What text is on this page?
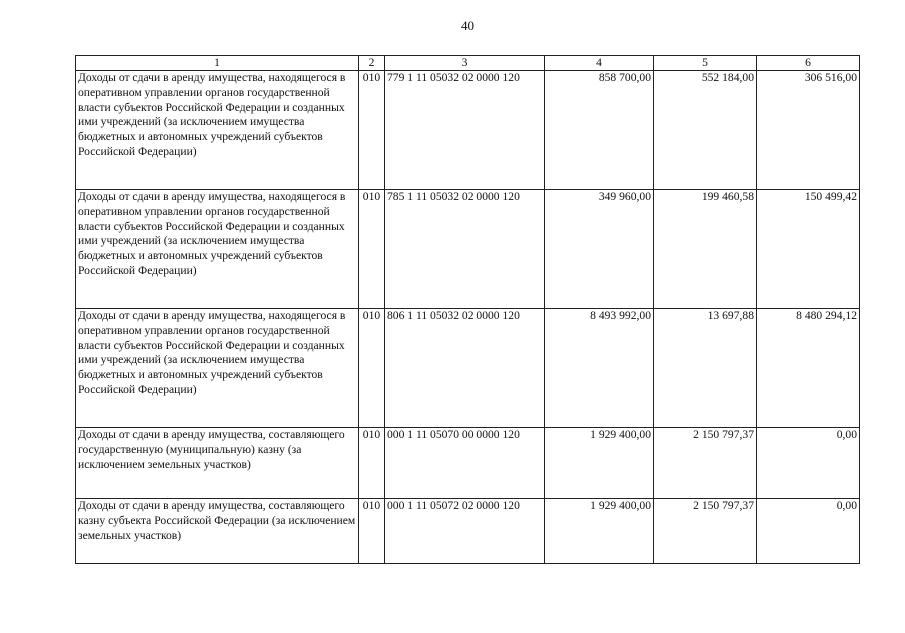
40
1	2	3	4	5	6
Доходы от сдачи в аренду имущества, находящегося в оперативном управлении органов государственной власти субъектов Российской Федерации и созданных ими учреждений (за исключением имущества бюджетных и автономных учреждений субъектов Российской Федерации)	010	779 1 11 05032 02 0000 120	858 700,00	552 184,00	306 516,00
Доходы от сдачи в аренду имущества, находящегося в оперативном управлении органов государственной власти субъектов Российской Федерации и созданных ими учреждений (за исключением имущества бюджетных и автономных учреждений субъектов Российской Федерации)	010	785 1 11 05032 02 0000 120	349 960,00	199 460,58	150 499,42
Доходы от сдачи в аренду имущества, находящегося в оперативном управлении органов государственной власти субъектов Российской Федерации и созданных ими учреждений (за исключением имущества бюджетных и автономных учреждений субъектов Российской Федерации)	010	806 1 11 05032 02 0000 120	8 493 992,00	13 697,88	8 480 294,12
Доходы от сдачи в аренду имущества, составляющего государственную (муниципальную) казну (за исключением земельных участков)	010	000 1 11 05070 00 0000 120	1 929 400,00	2 150 797,37	0,00
Доходы от сдачи в аренду имущества, составляющего казну субъекта Российской Федерации (за исключением земельных участков)	010	000 1 11 05072 02 0000 120	1 929 400,00	2 150 797,37	0,00
